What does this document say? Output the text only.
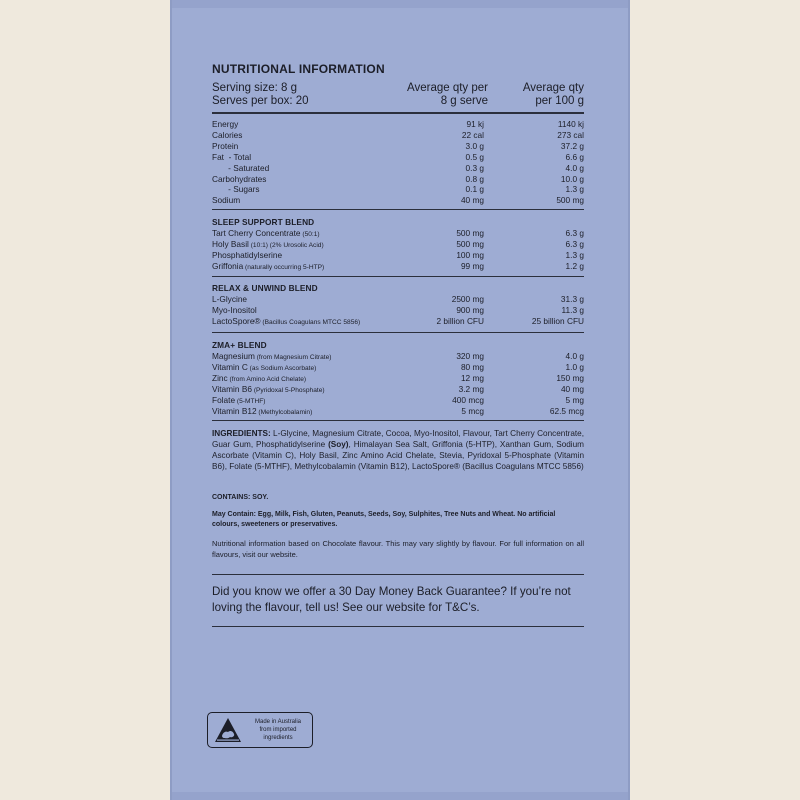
NUTRITIONAL INFORMATION
Serving size: 8 g
Serves per box: 20
Average qty per
8 g serve
Average qty
per 100 g
Energy	91 kj	1140 kj
Calories	22 cal	273 cal
Protein	3.0 g	37.2 g
Fat  - Total	0.5 g	6.6 g
- Saturated	0.3 g	4.0 g
Carbohydrates	0.8 g	10.0 g
- Sugars	0.1 g	1.3 g
Sodium	40 mg	500 mg
SLEEP SUPPORT BLEND
Tart Cherry Concentrate (50:1)	500 mg	6.3 g
Holy Basil (10:1) (2% Urosolic Acid)	500 mg	6.3 g
Phosphatidylserine	100 mg	1.3 g
Griffonia (naturally occurring 5-HTP)	99 mg	1.2 g
RELAX & UNWIND BLEND
L-Glycine	2500 mg	31.3 g
Myo-Inositol	900 mg	11.3 g
LactoSpore® (Bacillus Coagulans MTCC 5856)	2 billion CFU	25 billion CFU
ZMA+ BLEND
Magnesium (from Magnesium Citrate)	320 mg	4.0 g
Vitamin C (as Sodium Ascorbate)	80 mg	1.0 g
Zinc (from Amino Acid Chelate)	12 mg	150 mg
Vitamin B6 (Pyridoxal 5-Phosphate)	3.2 mg	40 mg
Folate (5-MTHF)	400 mcg	5 mg
Vitamin B12 (Methylcobalamin)	5 mcg	62.5 mcg
INGREDIENTS: L-Glycine, Magnesium Citrate, Cocoa, Myo-Inositol, Flavour, Tart Cherry Concentrate, Guar Gum, Phosphatidylserine (Soy), Himalayan Sea Salt, Griffonia (5-HTP), Xanthan Gum, Sodium Ascorbate (Vitamin C), Holy Basil, Zinc Amino Acid Chelate, Stevia, Pyridoxal 5-Phosphate (Vitamin B6), Folate (5-MTHF), Methylcobalamin (Vitamin B12), LactoSpore® (Bacillus Coagulans MTCC 5856)
CONTAINS: SOY.
May Contain: Egg, Milk, Fish, Gluten, Peanuts, Seeds, Soy, Sulphites, Tree Nuts and Wheat. No artificial colours, sweeteners or preservatives.
Nutritional information based on Chocolate flavour. This may vary slightly by flavour. For full information on all flavours, visit our website.
Did you know we offer a 30 Day Money Back Guarantee? If you’re not loving the flavour, tell us! See our website for T&C’s.
Made in Australia
from imported
ingredients
